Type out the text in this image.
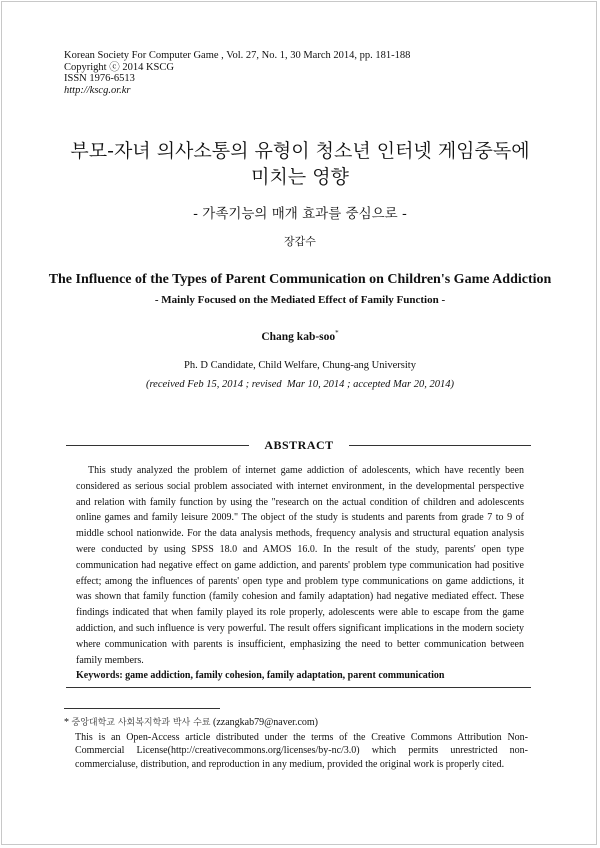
Korean Society For Computer Game , Vol. 27, No. 1, 30 March 2014, pp. 181-188
Copyright ⓒ 2014 KSCG
ISSN 1976-6513
http://kscg.or.kr
부모-자녀 의사소통의 유형이 청소년 인터넷 게임중독에
미치는 영향
- 가족기능의 매개 효과를 중심으로 -
장갑수
The Influence of the Types of Parent Communication on Children's Game Addiction
- Mainly Focused on the Mediated Effect of Family Function -
Chang kab-soo*
Ph. D Candidate, Child Welfare, Chung-ang University
(received Feb 15, 2014 ; revised  Mar 10, 2014 ; accepted Mar 20, 2014)
ABSTRACT

This study analyzed the problem of internet game addiction of adolescents, which have recently been considered as serious social problem associated with internet environment, in the developmental perspective and relation with family function by using the "research on the actual condition of children and adolescents online games and family leisure 2009." The object of the study is students and parents from grade 7 to 9 of middle school nationwide. For the data analysis methods, frequency analysis and structural equation analysis were conducted by using SPSS 18.0 and AMOS 16.0. In the result of the study, parents' open type communication had negative effect on game addiction, and parents' problem type communication had positive effect; among the influences of parents' open type and problem type communications on game addictions, it was shown that family function (family cohesion and family adaptation) had negative mediated effect. These findings indicated that when family played its role properly, adolescents were able to escape from the game addiction, and such influence is very powerful. The result offers significant implications in the modern society where communication with parents is insufficient, emphasizing the need to better communication between family members.

Keywords: game addiction, family cohesion, family adaptation, parent communication
* 중앙대학교 사회복지학과 박사 수료 (zzangkab79@naver.com)
This is an Open-Access article distributed under the terms of the Creative Commons Attribution Non-Commercial License(http://creativecommons.org/licenses/by-nc/3.0) which permits unrestricted non-commercialuse, distribution, and reproduction in any medium, provided the original work is properly cited.
